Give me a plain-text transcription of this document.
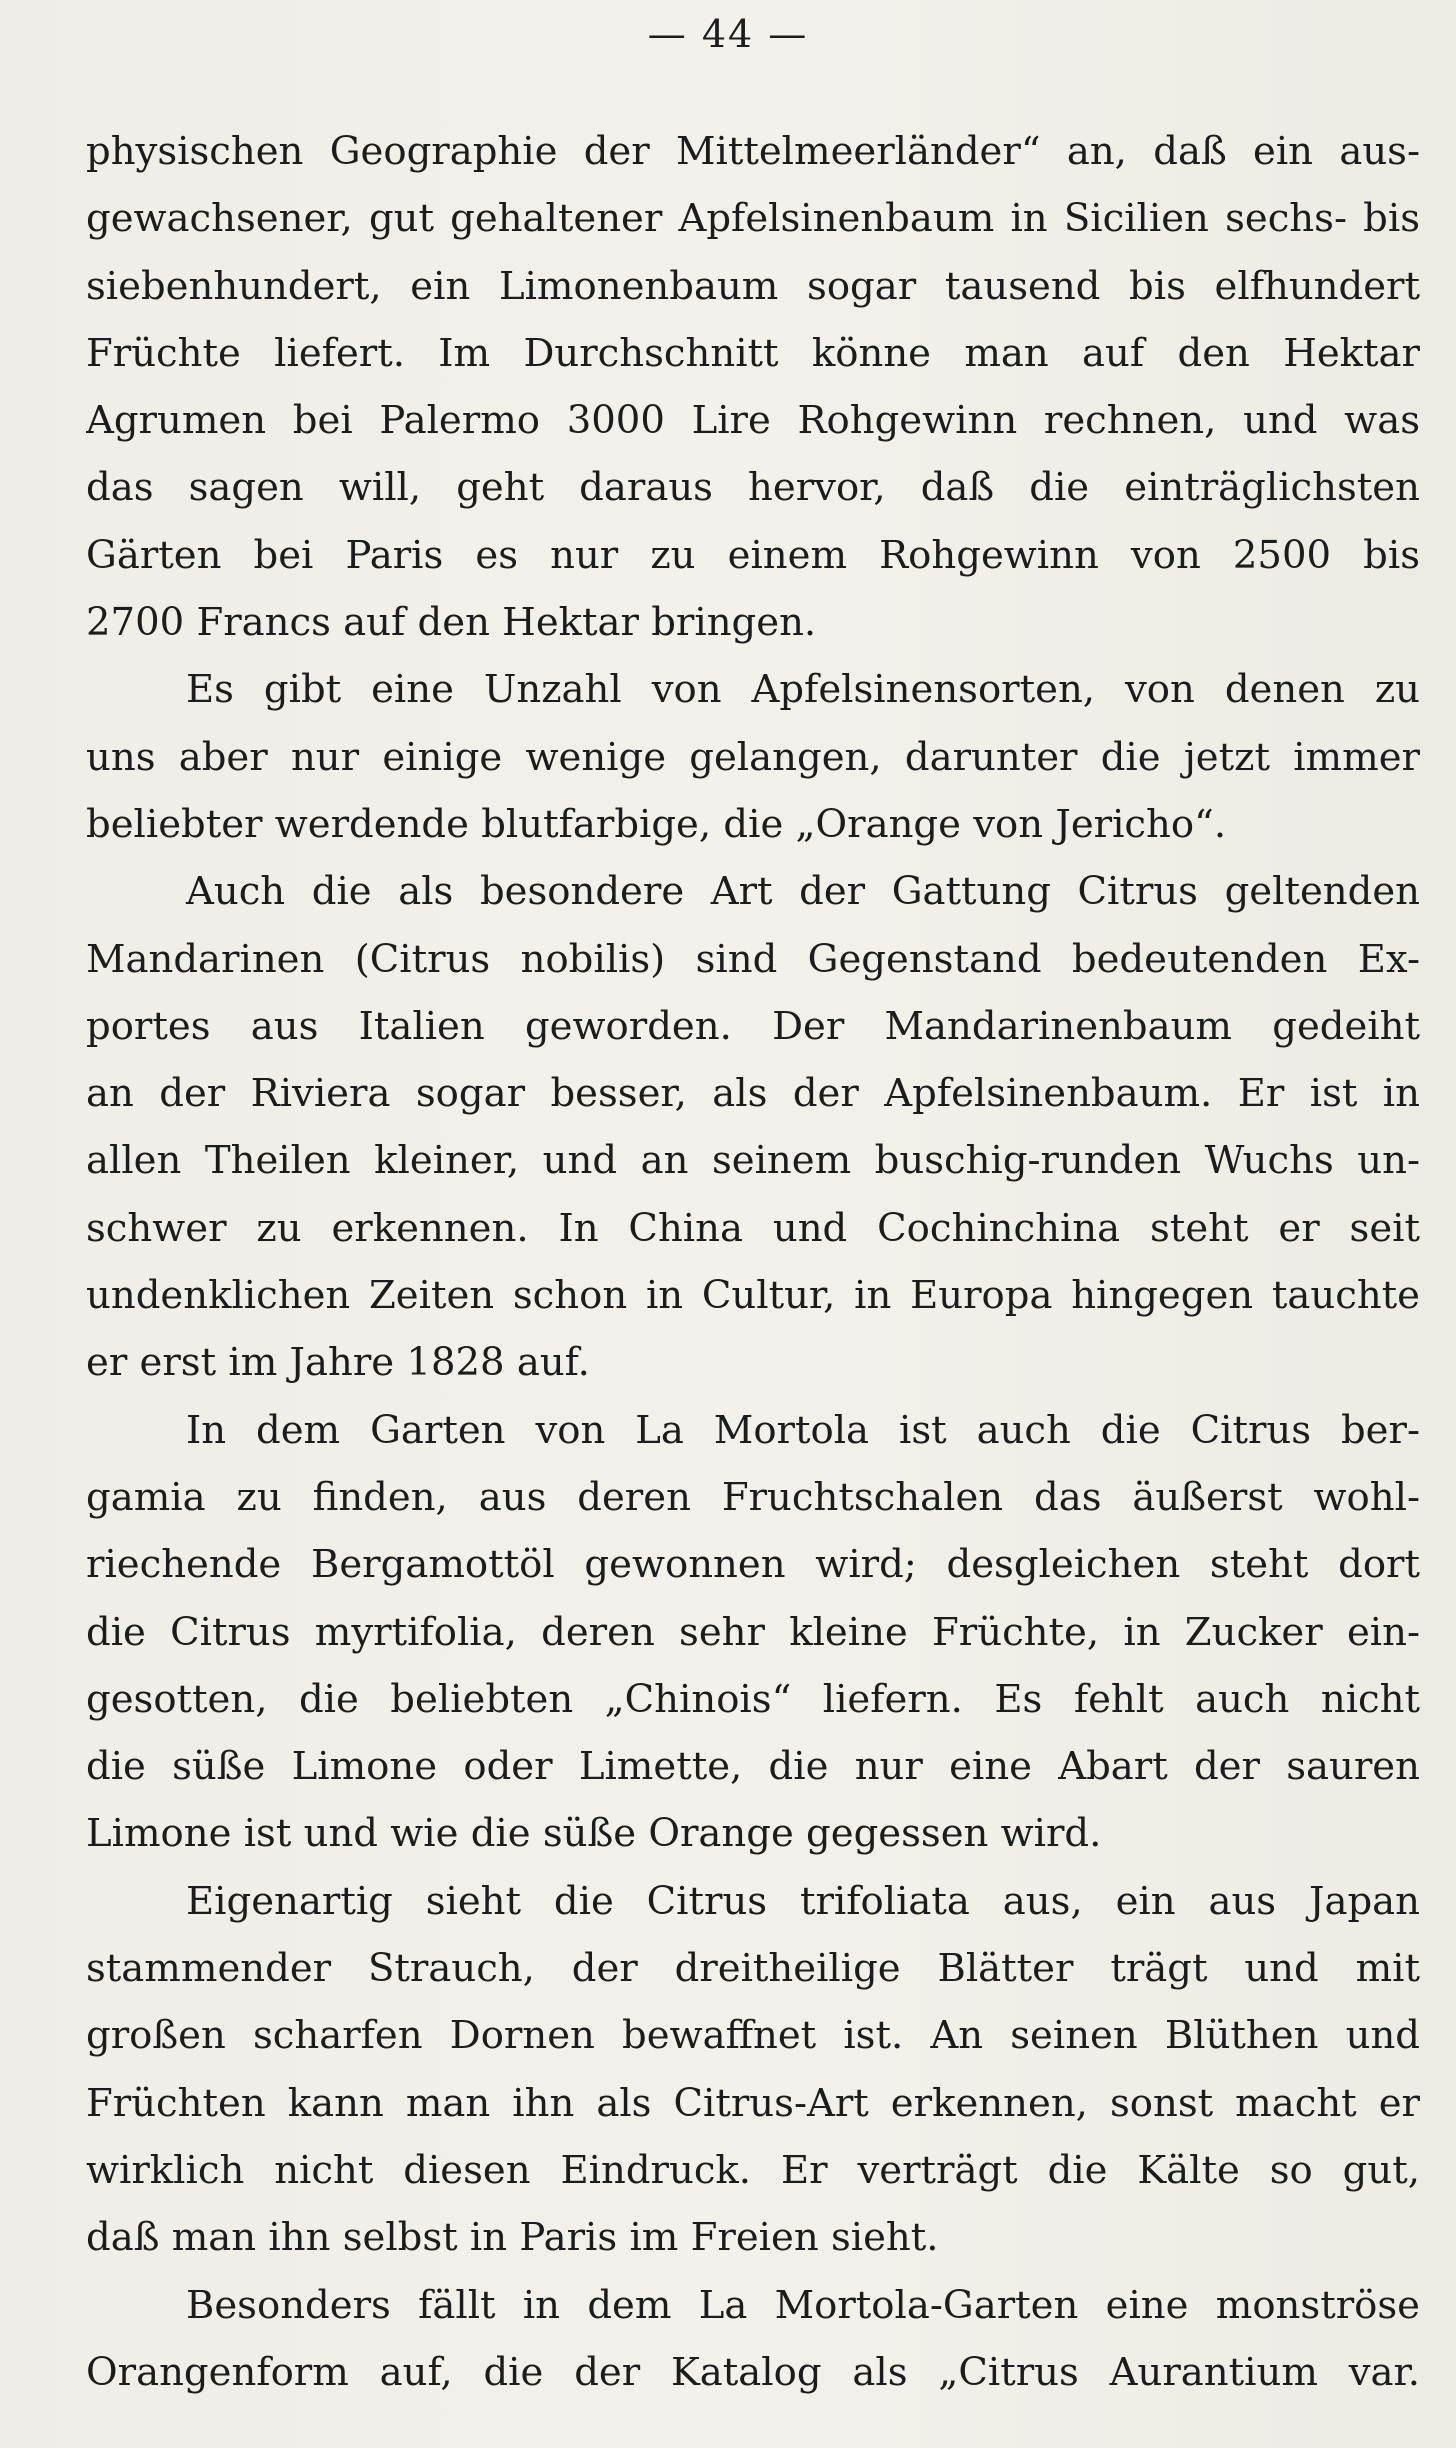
— 44 —
physischen Geographie der Mittelmeerländer“ an, daß ein aus-
gewachsener, gut gehaltener Apfelsinenbaum in Sicilien sechs- bis
siebenhundert, ein Limonenbaum sogar tausend bis elfhundert
Früchte liefert. Im Durchschnitt könne man auf den Hektar
Agrumen bei Palermo 3000 Lire Rohgewinn rechnen, und was
das sagen will, geht daraus hervor, daß die einträglichsten
Gärten bei Paris es nur zu einem Rohgewinn von 2500 bis
2700 Francs auf den Hektar bringen.
Es gibt eine Unzahl von Apfelsinensorten, von denen zu
uns aber nur einige wenige gelangen, darunter die jetzt immer
beliebter werdende blutfarbige, die „Orange von Jericho“.
Auch die als besondere Art der Gattung Citrus geltenden
Mandarinen (Citrus nobilis) sind Gegenstand bedeutenden Ex-
portes aus Italien geworden. Der Mandarinenbaum gedeiht
an der Riviera sogar besser, als der Apfelsinenbaum. Er ist in
allen Theilen kleiner, und an seinem buschig-runden Wuchs un-
schwer zu erkennen. In China und Cochinchina steht er seit
undenklichen Zeiten schon in Cultur, in Europa hingegen tauchte
er erst im Jahre 1828 auf.
In dem Garten von La Mortola ist auch die Citrus ber-
gamia zu finden, aus deren Fruchtschalen das äußerst wohl-
riechende Bergamottöl gewonnen wird; desgleichen steht dort
die Citrus myrtifolia, deren sehr kleine Früchte, in Zucker ein-
gesotten, die beliebten „Chinois“ liefern. Es fehlt auch nicht
die süße Limone oder Limette, die nur eine Abart der sauren
Limone ist und wie die süße Orange gegessen wird.
Eigenartig sieht die Citrus trifoliata aus, ein aus Japan
stammender Strauch, der dreitheilige Blätter trägt und mit
großen scharfen Dornen bewaffnet ist. An seinen Blüthen und
Früchten kann man ihn als Citrus-Art erkennen, sonst macht er
wirklich nicht diesen Eindruck. Er verträgt die Kälte so gut,
daß man ihn selbst in Paris im Freien sieht.
Besonders fällt in dem La Mortola-Garten eine monströse
Orangenform auf, die der Katalog als „Citrus Aurantium var.
